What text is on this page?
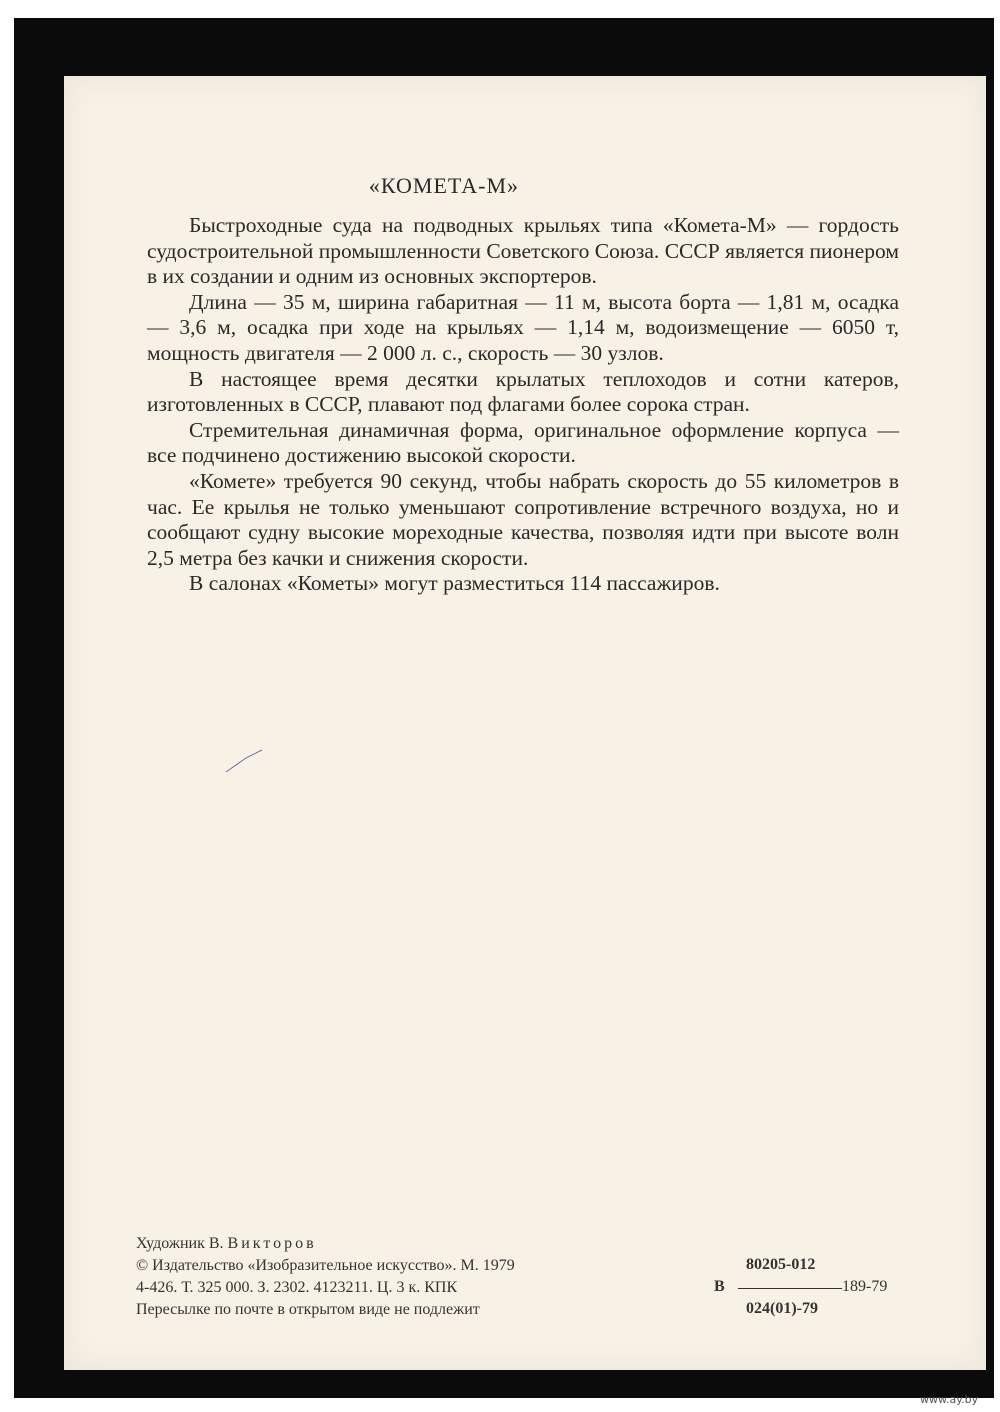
«КОМЕТА-М»

Быстроходные суда на подводных крыльях типа «Комета-М» — гордость судостроительной промышленности Советского Союза. СССР является пионером в их создании и одним из основных экспортеров.

Длина — 35 м, ширина габаритная — 11 м, высота борта — 1,81 м, осадка — 3,6 м, осадка при ходе на крыльях — 1,14 м, водоизмещение — 6050 т, мощность двигателя — 2 000 л. с., скорость — 30 узлов.

В настоящее время десятки крылатых теплоходов и сотни катеров, изготовленных в СССР, плавают под флагами более сорока стран.

Стремительная динамичная форма, оригинальное оформление корпуса — все подчинено достижению высокой скорости.

«Комете» требуется 90 секунд, чтобы набрать скорость до 55 километров в час. Ее крылья не только уменьшают сопротивление встречного воздуха, но и сообщают судну высокие мореходные качества, позволяя идти при высоте волн 2,5 метра без качки и снижения скорости.

В салонах «Кометы» могут разместиться 114 пассажиров.

Художник В. Викторов
© Издательство «Изобразительное искусство». М. 1979
4-426. Т. 325 000. З. 2302. 4123211. Ц. 3 к. КПК
Пересылке по почте в открытом виде не подлежит
В
80205-012
189-79
024(01)-79
www.ay.by
